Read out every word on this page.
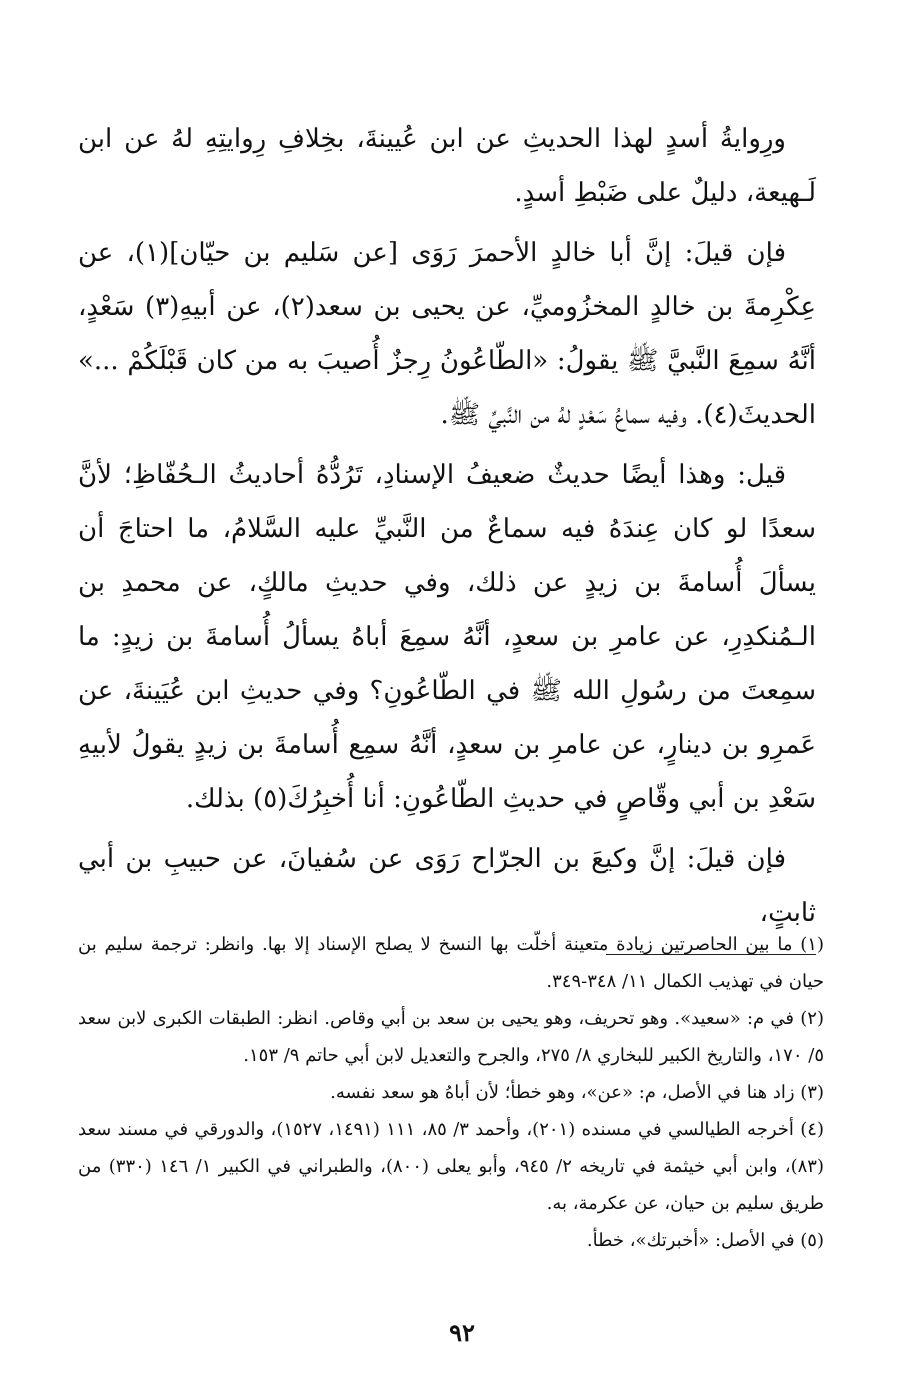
ورِوايةُ أسدٍ لهذا الحديثِ عن ابن عُيينةَ، بخِلافِ رِوايتِهِ لهُ عن ابن لَـهيعة، دليلٌ على ضَبْطِ أسدٍ.

فإن قيلَ: إنَّ أبا خالدٍ الأحمرَ رَوَى [عن سَليم بن حيّان](١)، عن عِكْرِمةَ بن خالدٍ المخزُوميِّ، عن يحيى بن سعد(٢)، عن أبيهِ(٣) سَعْدٍ، أنَّهُ سمِعَ النَّبيَّ ﷺ يقولُ: «الطّاعُونُ رِجزٌ أُصيبَ به من كان قَبْلَكُمْ ...» الحديثَ(٤). وفيه سماعُ سَعْدٍ لهُ من النَّبيِّ ﷺ.

قيل: وهذا أيضًا حديثٌ ضعيفُ الإسنادِ، تَرُدُّهُ أحاديثُ الـحُفّاظِ؛ لأنَّ سعدًا لو كان عِندَهُ فيه سماعٌ من النَّبيِّ عليه السَّلامُ، ما احتاجَ أن يسألَ أُسامةَ بن زيدٍ عن ذلك، وفي حديثِ مالكٍ، عن محمدِ بن الـمُنكدِرِ، عن عامرِ بن سعدٍ، أنَّهُ سمِعَ أباهُ يسألُ أُسامةَ بن زيدٍ: ما سمِعتَ من رسُولِ الله ﷺ في الطّاعُونِ؟ وفي حديثِ ابن عُيَينةَ، عن عَمرِو بن دينارٍ، عن عامرِ بن سعدٍ، أنَّهُ سمِع أُسامةَ بن زيدٍ يقولُ لأبيهِ سَعْدِ بن أبي وقّاصٍ في حديثِ الطّاعُونِ: أنا أُخبِرُكَ(٥) بذلك.

فإن قيلَ: إنَّ وكيعَ بن الجرّاح رَوَى عن سُفيانَ، عن حبيبِ بن أبي ثابتٍ،

(١) ما بين الحاصرتين زيادة متعينة أخلّت بها النسخ لا يصلح الإسناد إلا بها. وانظر: ترجمة سليم بن حيان في تهذيب الكمال ١١/ ٣٤٨-٣٤٩.

(٢) في م: «سعيد». وهو تحريف، وهو يحيى بن سعد بن أبي وقاص. انظر: الطبقات الكبرى لابن سعد ٥/ ١٧٠، والتاريخ الكبير للبخاري ٨/ ٢٧٥، والجرح والتعديل لابن أبي حاتم ٩/ ١٥٣.

(٣) زاد هنا في الأصل، م: «عن»، وهو خطأ؛ لأن أباهُ هو سعد نفسه.

(٤) أخرجه الطيالسي في مسنده (٢٠١)، وأحمد ٣/ ٨٥، ١١١ (١٤٩١، ١٥٢٧)، والدورقي في مسند سعد (٨٣)، وابن أبي خيثمة في تاريخه ٢/ ٩٤٥، وأبو يعلى (٨٠٠)، والطبراني في الكبير ١/ ١٤٦ (٣٣٠) من طريق سليم بن حيان، عن عكرمة، به.

(٥) في الأصل: «أخبرتك»، خطأ.

٩٢
